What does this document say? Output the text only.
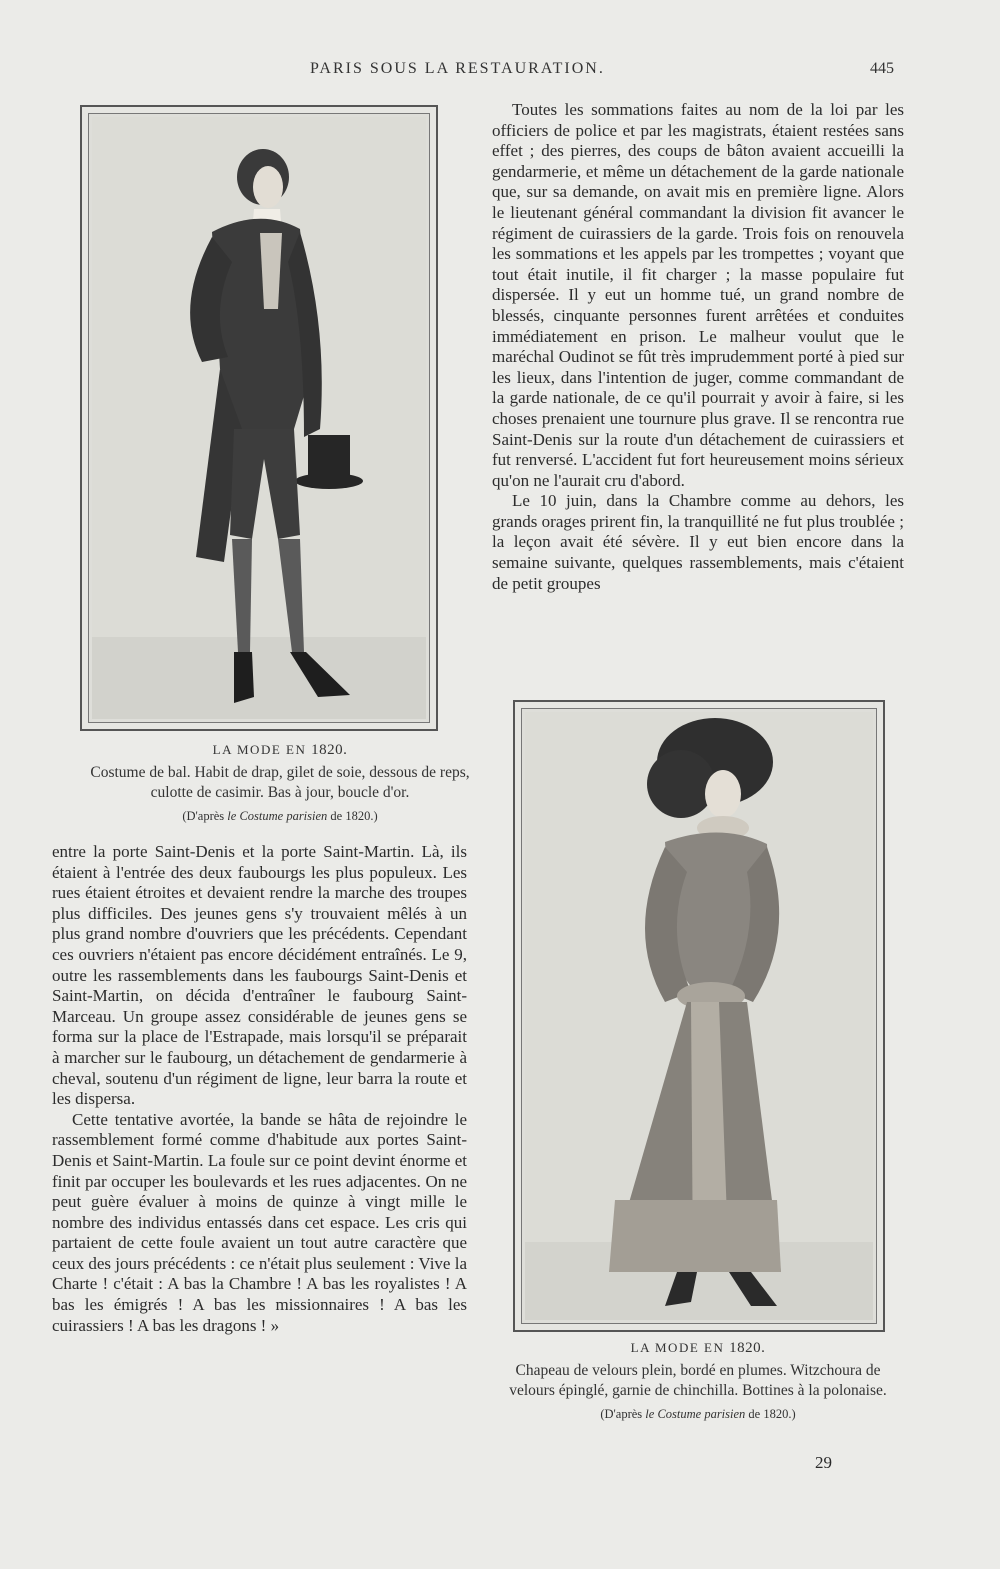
PARIS SOUS LA RESTAURATION.	445
LA MODE EN 1820.
Costume de bal. Habit de drap, gilet de soie, dessous de reps, culotte de casimir. Bas à jour, boucle d'or.
(D'après le Costume parisien de 1820.)

Toutes les sommations faites au nom de la loi par les officiers de police et par les magistrats, étaient restées sans effet ; des pierres, des coups de bâton avaient accueilli la gendarmerie, et même un détachement de la garde nationale que, sur sa demande, on avait mis en première ligne. Alors le lieutenant général commandant la division fit avancer le régiment de cuirassiers de la garde. Trois fois on renouvela les sommations et les appels par les trompettes ; voyant que tout était inutile, il fit charger ; la masse populaire fut dispersée. Il y eut un homme tué, un grand nombre de blessés, cinquante personnes furent arrêtées et conduites immédiatement en prison. Le malheur voulut que le maréchal Oudinot se fût très imprudemment porté à pied sur les lieux, dans l'intention de juger, comme commandant de la garde nationale, de ce qu'il pourrait y avoir à faire, si les choses prenaient une tournure plus grave. Il se rencontra rue Saint-Denis sur la route d'un détachement de cuirassiers et fut renversé. L'accident fut fort heureusement moins sérieux qu'on ne l'aurait cru d'abord.

Le 10 juin, dans la Chambre comme au dehors, les grands orages prirent fin, la tranquillité ne fut plus troublée ; la leçon avait été sévère. Il y eut bien encore dans la semaine suivante, quelques rassemblements, mais c'étaient de petit groupes

LA MODE EN 1820.
Chapeau de velours plein, bordé en plumes. Witzchoura de velours épinglé, garnie de chinchilla. Bottines à la polonaise.
(D'après le Costume parisien de 1820.)

entre la porte Saint-Denis et la porte Saint-Martin. Là, ils étaient à l'entrée des deux faubourgs les plus populeux. Les rues étaient étroites et devaient rendre la marche des troupes plus difficiles. Des jeunes gens s'y trouvaient mêlés à un plus grand nombre d'ouvriers que les précédents. Cependant ces ouvriers n'étaient pas encore décidément entraînés. Le 9, outre les rassemblements dans les faubourgs Saint-Denis et Saint-Martin, on décida d'entraîner le faubourg Saint-Marceau. Un groupe assez considérable de jeunes gens se forma sur la place de l'Estrapade, mais lorsqu'il se préparait à marcher sur le faubourg, un détachement de gendarmerie à cheval, soutenu d'un régiment de ligne, leur barra la route et les dispersa.

Cette tentative avortée, la bande se hâta de rejoindre le rassemblement formé comme d'habitude aux portes Saint-Denis et Saint-Martin. La foule sur ce point devint énorme et finit par occuper les boulevards et les rues adjacentes. On ne peut guère évaluer à moins de quinze à vingt mille le nombre des individus entassés dans cet espace. Les cris qui partaient de cette foule avaient un tout autre caractère que ceux des jours précédents : ce n'était plus seulement : Vive la Charte ! c'était : A bas la Chambre ! A bas les royalistes ! A bas les émigrés ! A bas les missionnaires ! A bas les cuirassiers ! A bas les dragons ! »

29
